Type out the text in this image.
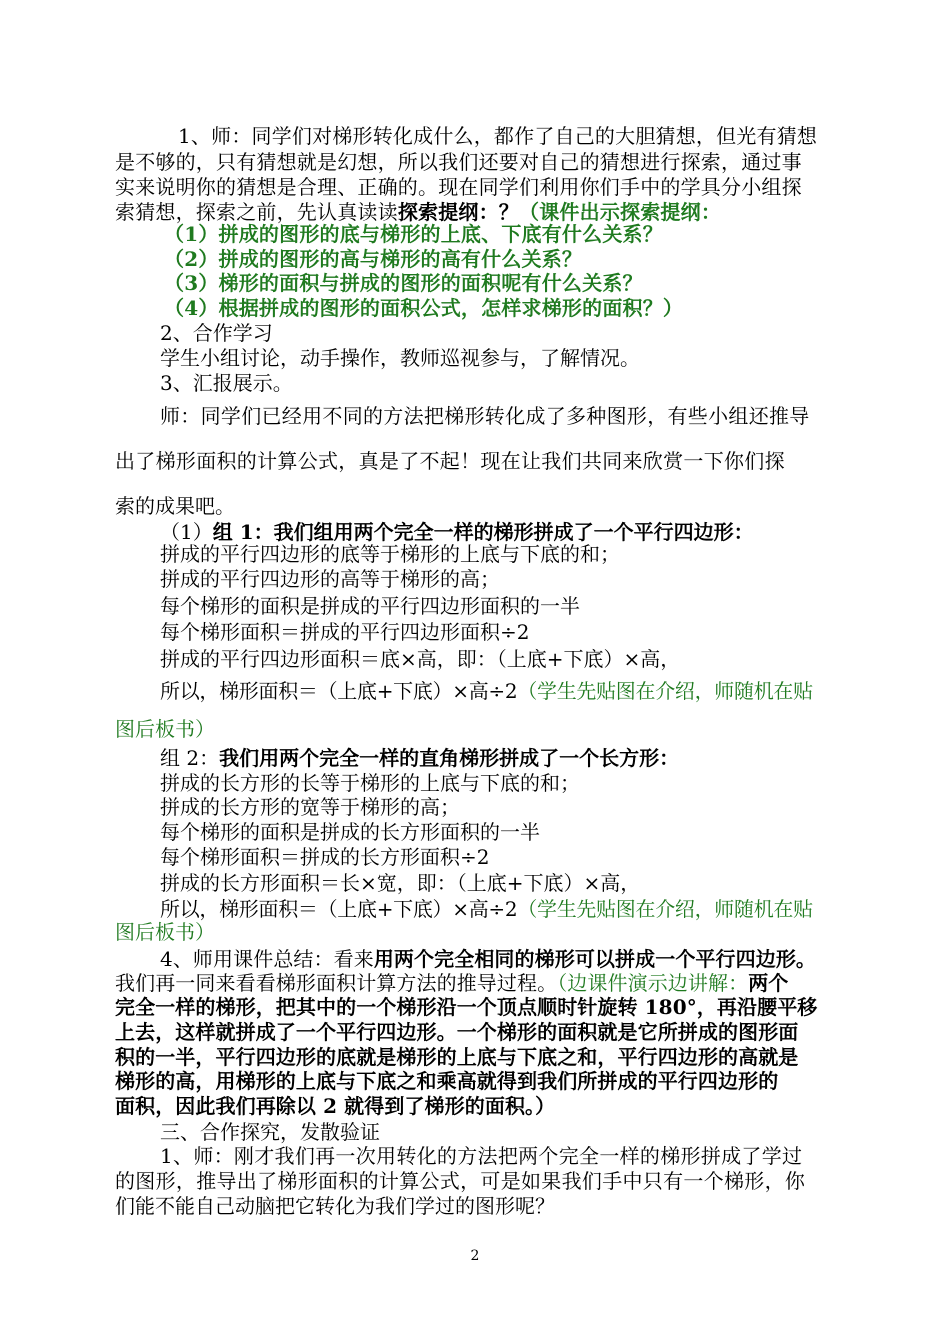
1、师：同学们对梯形转化成什么，都作了自己的大胆猜想，但光有猜想
是不够的，只有猜想就是幻想，所以我们还要对自己的猜想进行探索，通过事
实来说明你的猜想是合理、正确的。现在同学们利用你们手中的学具分小组探
索猜想，探索之前，先认真读读探索提纲：？（课件出示探索提纲：
（1）拼成的图形的底与梯形的上底、下底有什么关系？
（2）拼成的图形的高与梯形的高有什么关系？
（3）梯形的面积与拼成的图形的面积呢有什么关系？
（4）根据拼成的图形的面积公式，怎样求梯形的面积？）
2、合作学习
学生小组讨论，动手操作，教师巡视参与，了解情况。
3、汇报展示。
师：同学们已经用不同的方法把梯形转化成了多种图形，有些小组还推导
出了梯形面积的计算公式，真是了不起！现在让我们共同来欣赏一下你们探
索的成果吧。
（1）组 1：我们组用两个完全一样的梯形拼成了一个平行四边形：
拼成的平行四边形的底等于梯形的上底与下底的和；
拼成的平行四边形的高等于梯形的高；
每个梯形的面积是拼成的平行四边形面积的一半
每个梯形面积＝拼成的平行四边形面积÷2
拼成的平行四边形面积＝底×高，即：（上底+下底）×高，
所以，梯形面积＝（上底+下底）×高÷2（学生先贴图在介绍，师随机在贴
图后板书）
组 2：我们用两个完全一样的直角梯形拼成了一个长方形：
拼成的长方形的长等于梯形的上底与下底的和；
拼成的长方形的宽等于梯形的高；
每个梯形的面积是拼成的长方形面积的一半
每个梯形面积＝拼成的长方形面积÷2
拼成的长方形面积＝长×宽，即：（上底+下底）×高，
所以，梯形面积＝（上底+下底）×高÷2（学生先贴图在介绍，师随机在贴
图后板书）
4、师用课件总结：看来用两个完全相同的梯形可以拼成一个平行四边形。
我们再一同来看看梯形面积计算方法的推导过程。（边课件演示边讲解：两个
完全一样的梯形，把其中的一个梯形沿一个顶点顺时针旋转 180°，再沿腰平移
上去，这样就拼成了一个平行四边形。一个梯形的面积就是它所拼成的图形面
积的一半，平行四边形的底就是梯形的上底与下底之和，平行四边形的高就是
梯形的高，用梯形的上底与下底之和乘高就得到我们所拼成的平行四边形的
面积，因此我们再除以 2 就得到了梯形的面积。）
三、合作探究，发散验证
1、师：刚才我们再一次用转化的方法把两个完全一样的梯形拼成了学过
的图形，推导出了梯形面积的计算公式，可是如果我们手中只有一个梯形，你
们能不能自己动脑把它转化为我们学过的图形呢？
2
